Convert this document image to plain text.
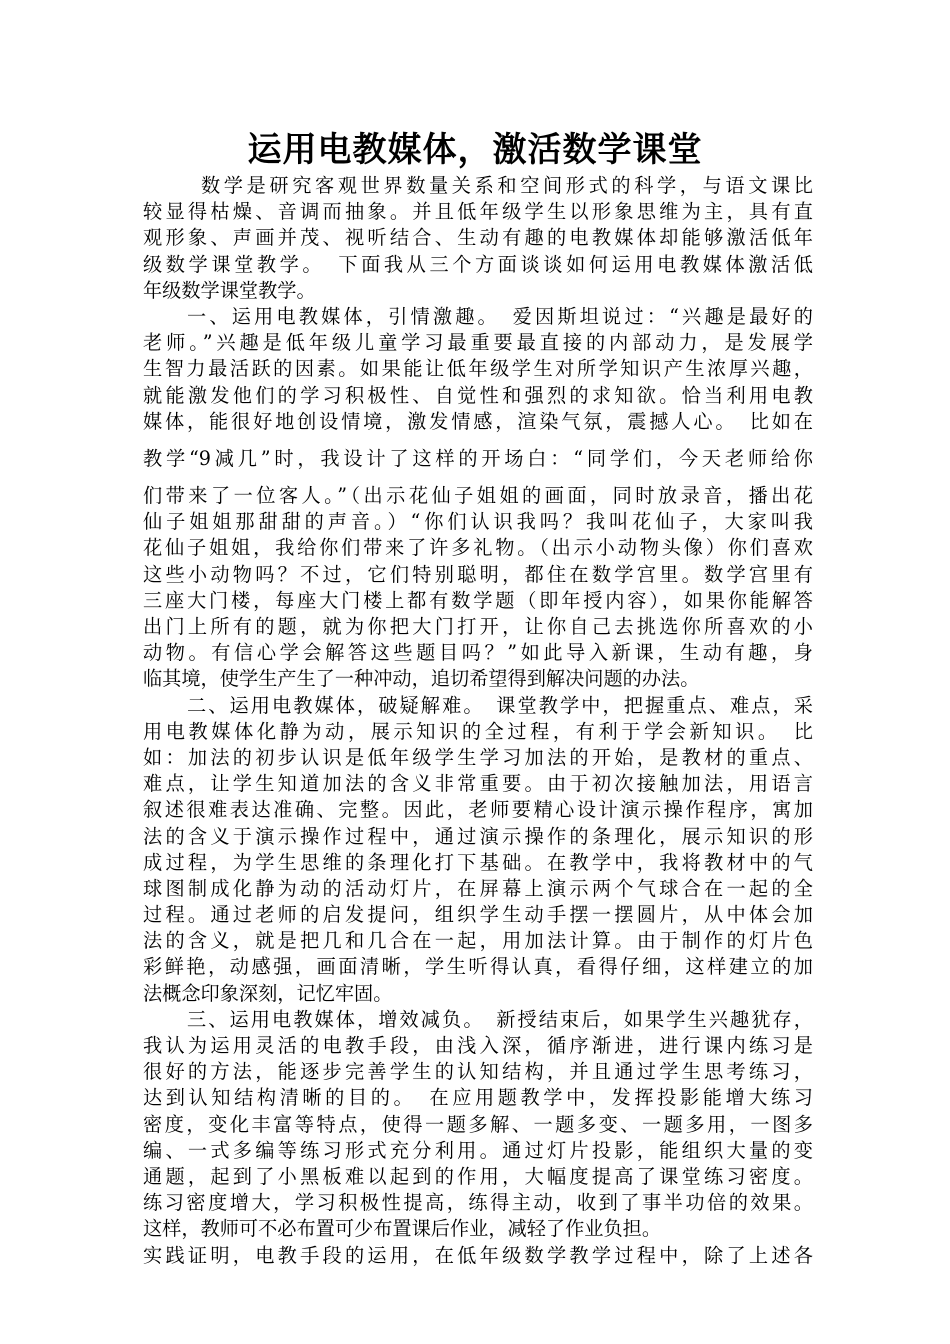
运用电教媒体，激活数学课堂
数学是研究客观世界数量关系和空间形式的科学，与语文课比
较显得枯燥、音调而抽象。并且低年级学生以形象思维为主，具有直
观形象、声画并茂、视听结合、生动有趣的电教媒体却能够激活低年
级数学课堂教学。　下面我从三个方面谈谈如何运用电教媒体激活低
年级数学课堂教学。
一、运用电教媒体，引情激趣。　爱因斯坦说过：“兴趣是最好的
老师。”兴趣是低年级儿童学习最重要最直接的内部动力，是发展学
生智力最活跃的因素。如果能让低年级学生对所学知识产生浓厚兴趣，
就能激发他们的学习积极性、自觉性和强烈的求知欲。恰当利用电教
媒体，能很好地创设情境，激发情感，渲染气氛，震撼人心。　比如在
教学“9减几”时，我设计了这样的开场白：“同学们，今天老师给你
们带来了一位客人。”（出示花仙子姐姐的画面，同时放录音，播出花
仙子姐姐那甜甜的声音。）“你们认识我吗？我叫花仙子，大家叫我
花仙子姐姐，我给你们带来了许多礼物。（出示小动物头像）你们喜欢
这些小动物吗？不过，它们特别聪明，都住在数学宫里。数学宫里有
三座大门楼，每座大门楼上都有数学题（即年授内容），如果你能解答
出门上所有的题，就为你把大门打开，让你自己去挑选你所喜欢的小
动物。有信心学会解答这些题目吗？”如此导入新课，生动有趣，身
临其境，使学生产生了一种冲动，追切希望得到解决问题的办法。
二、运用电教媒体，破疑解难。　课堂教学中，把握重点、难点，采
用电教媒体化静为动，展示知识的全过程，有利于学会新知识。　比
如：加法的初步认识是低年级学生学习加法的开始，是教材的重点、
难点，让学生知道加法的含义非常重要。由于初次接触加法，用语言
叙述很难表达准确、完整。因此，老师要精心设计演示操作程序，寓加
法的含义于演示操作过程中，通过演示操作的条理化，展示知识的形
成过程，为学生思维的条理化打下基础。在教学中，我将教材中的气
球图制成化静为动的活动灯片，在屏幕上演示两个气球合在一起的全
过程。通过老师的启发提问，组织学生动手摆一摆圆片，从中体会加
法的含义，就是把几和几合在一起，用加法计算。由于制作的灯片色
彩鲜艳，动感强，画面清晰，学生听得认真，看得仔细，这样建立的加
法概念印象深刻，记忆牢固。
三、运用电教媒体，增效减负。　新授结束后，如果学生兴趣犹存，
我认为运用灵活的电教手段，由浅入深，循序渐进，进行课内练习是
很好的方法，能逐步完善学生的认知结构，并且通过学生思考练习，
达到认知结构清晰的目的。　在应用题教学中，发挥投影能增大练习
密度，变化丰富等特点，使得一题多解、一题多变、一题多用，一图多
编、一式多编等练习形式充分利用。通过灯片投影，能组织大量的变
通题，起到了小黑板难以起到的作用，大幅度提高了课堂练习密度。
练习密度增大，学习积极性提高，练得主动，收到了事半功倍的效果。
这样，教师可不必布置可少布置课后作业，减轻了作业负担。
实践证明，电教手段的运用，在低年级数学教学过程中，除了上述各
